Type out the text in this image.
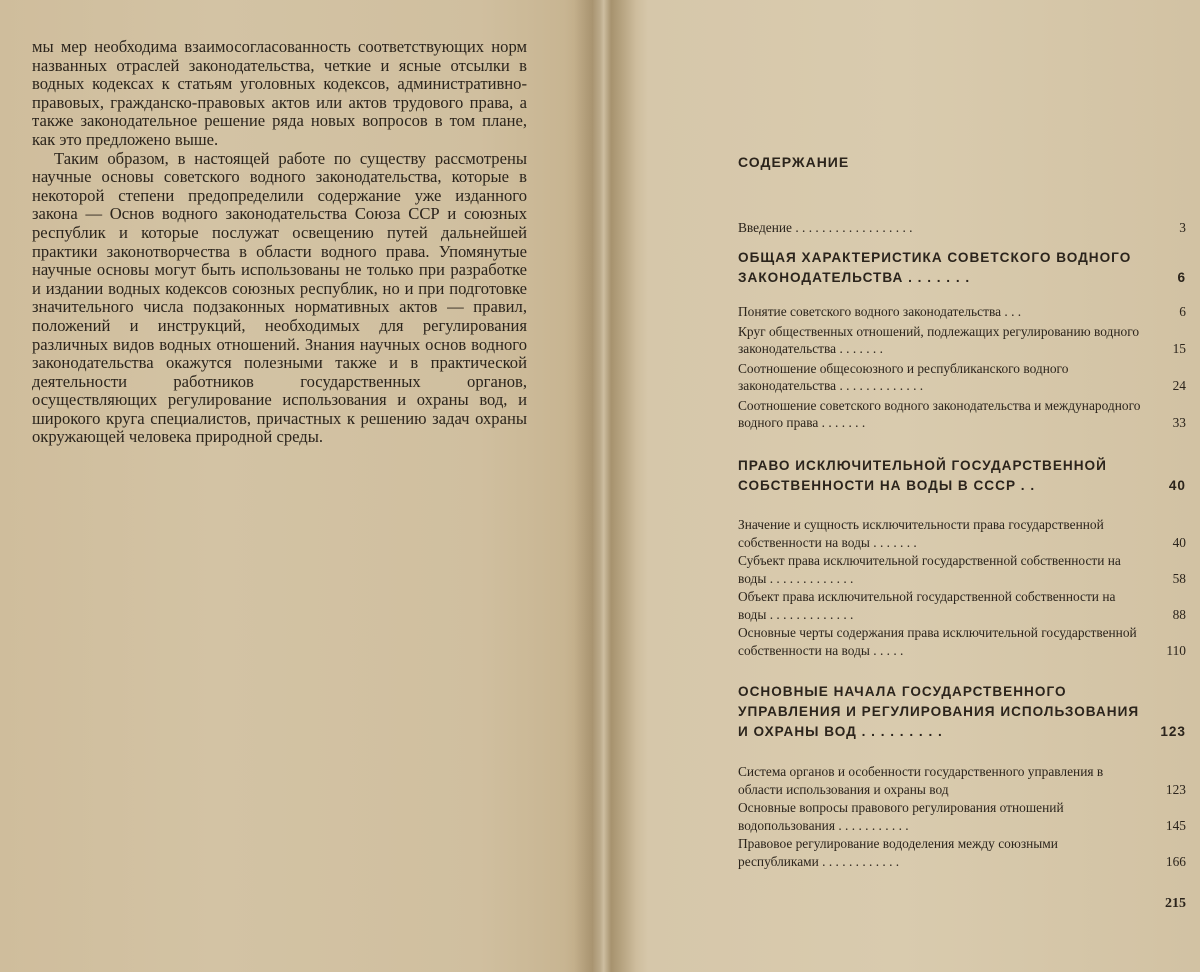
мы мер необходима взаимосогласованность соответствующих норм названных отраслей законодательства, четкие и ясные отсылки в водных кодексах к статьям уголовных кодексов, административно-правовых, гражданско-правовых актов или актов трудового права, а также законодательное решение ряда новых вопросов в том плане, как это предложено выше.

Таким образом, в настоящей работе по существу рассмотрены научные основы советского водного законодательства, которые в некоторой степени предопределили содержание уже изданного закона — Основ водного законодательства Союза ССР и союзных республик и которые послужат освещению путей дальнейшей практики законотворчества в области водного права. Упомянутые научные основы могут быть использованы не только при разработке и издании водных кодексов союзных республик, но и при подготовке значительного числа подзаконных нормативных актов — правил, положений и инструкций, необходимых для регулирования различных видов водных отношений. Знания научных основ водного законодательства окажутся полезными также и в практической деятельности работников государственных органов, осуществляющих регулирование использования и охраны вод, и широкого круга специалистов, причастных к решению задач охраны окружающей человека природной среды.

СОДЕРЖАНИЕ
Введение . . . . . . . . . . . . . . . . . .	3
ОБЩАЯ ХАРАКТЕРИСТИКА СОВЕТСКОГО ВОДНОГО ЗАКОНОДАТЕЛЬСТВА . . . . . . .	6
Понятие советского водного законодательства . . .	6
Круг общественных отношений, подлежащих регулированию водного законодательства . . . . . . .	15
Соотношение общесоюзного и республиканского водного законодательства . . . . . . . . . . . . .	24
Соотношение советского водного законодательства и международного водного права . . . . . . .	33
ПРАВО ИСКЛЮЧИТЕЛЬНОЙ ГОСУДАРСТВЕННОЙ СОБСТВЕННОСТИ НА ВОДЫ В СССР . .	40
Значение и сущность исключительности права государственной собственности на воды . . . . . . .	40
Субъект права исключительной государственной собственности на воды . . . . . . . . . . . . .	58
Объект права исключительной государственной собственности на воды . . . . . . . . . . . . .	88
Основные черты содержания права исключительной государственной собственности на воды . . . . .	110
ОСНОВНЫЕ НАЧАЛА ГОСУДАРСТВЕННОГО УПРАВЛЕНИЯ И РЕГУЛИРОВАНИЯ ИСПОЛЬЗОВАНИЯ И ОХРАНЫ ВОД . . . . . . . . .	123
Система органов и особенности государственного управления в области использования и охраны вод	123
Основные вопросы правового регулирования отношений водопользования . . . . . . . . . . .	145
Правовое регулирование вододеления между союзными республиками . . . . . . . . . . . .	166
215
